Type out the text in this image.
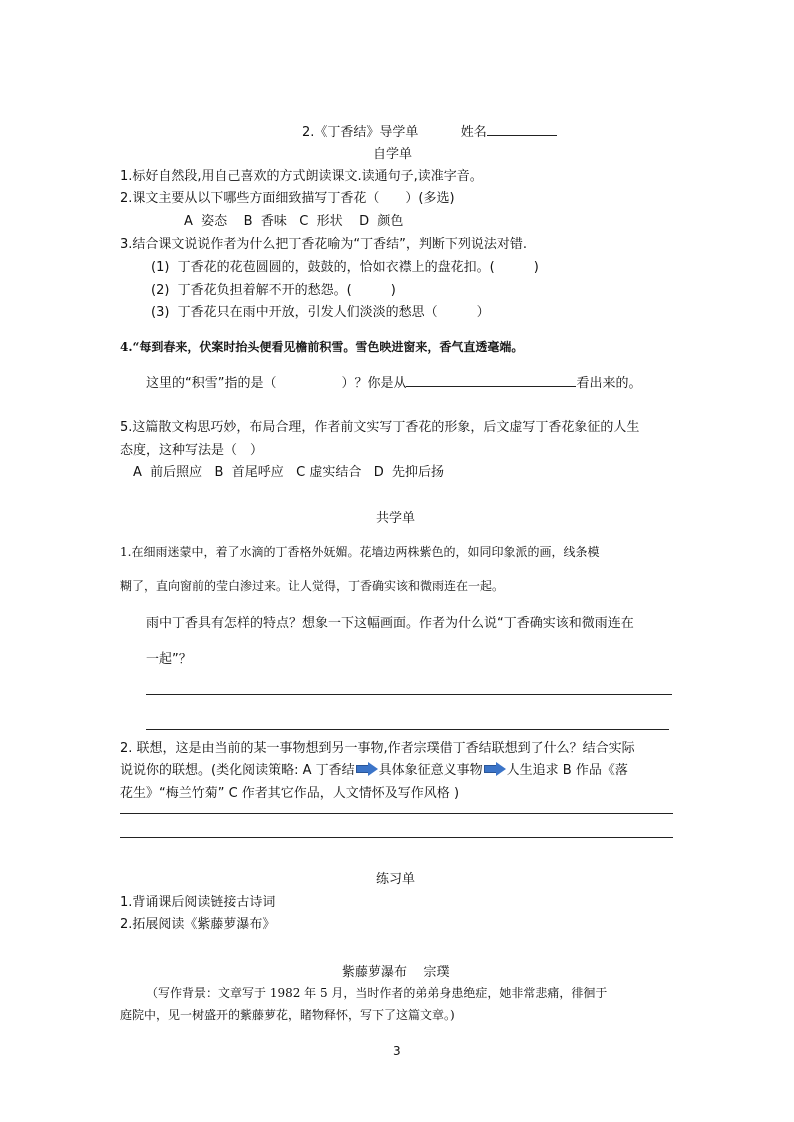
2.《丁香结》导学单	姓名
自学单
1.标好自然段,用自己喜欢的方式朗读课文.读通句子,读准字音。
2.课文主要从以下哪些方面细致描写丁香花（　　）(多选)
A  姿态    B  香味   C  形状    D  颜色
3.结合课文说说作者为什么把丁香花喻为“丁香结”，判断下列说法对错.
(1)  丁香花的花苞圆圆的，鼓鼓的，恰如衣襟上的盘花扣。(　　　)
(2)  丁香花负担着解不开的愁怨。(　　　)
(3)  丁香花只在雨中开放，引发人们淡淡的愁思（　　　）
4.“每到春来，伏案时抬头便看见檐前积雪。雪色映进窗来，香气直透毫端。
这里的“积雪”指的是（　　　　　）？你是从	看出来的。
5.这篇散文构思巧妙，布局合理，作者前文实写丁香花的形象，后文虚写丁香花象征的人生
态度，这种写法是（　）
A  前后照应   B  首尾呼应   C 虚实结合   D  先抑后扬
共学单
1.在细雨迷蒙中，着了水滴的丁香格外妩媚。花墙边两株紫色的，如同印象派的画，线条模
糊了，直向窗前的莹白渗过来。让人觉得，丁香确实该和微雨连在一起。
雨中丁香具有怎样的特点？想象一下这幅画面。作者为什么说“丁香确实该和微雨连在
一起”？
2. 联想，这是由当前的某一事物想到另一事物,作者宗璞借丁香结联想到了什么？结合实际
说说你的联想。(类化阅读策略: A 丁香结 具体象征意义事物 人生追求 B 作品《落
花生》“梅兰竹菊” C 作者其它作品，人文情怀及写作风格 )
练习单
1.背诵课后阅读链接古诗词
2.拓展阅读《紫藤萝瀑布》
紫藤萝瀑布    宗璞
（写作背景：文章写于 1982 年 5 月，当时作者的弟弟身患绝症，她非常悲痛，徘徊于
庭院中，见一树盛开的紫藤萝花，睹物释怀，写下了这篇文章。)
3
